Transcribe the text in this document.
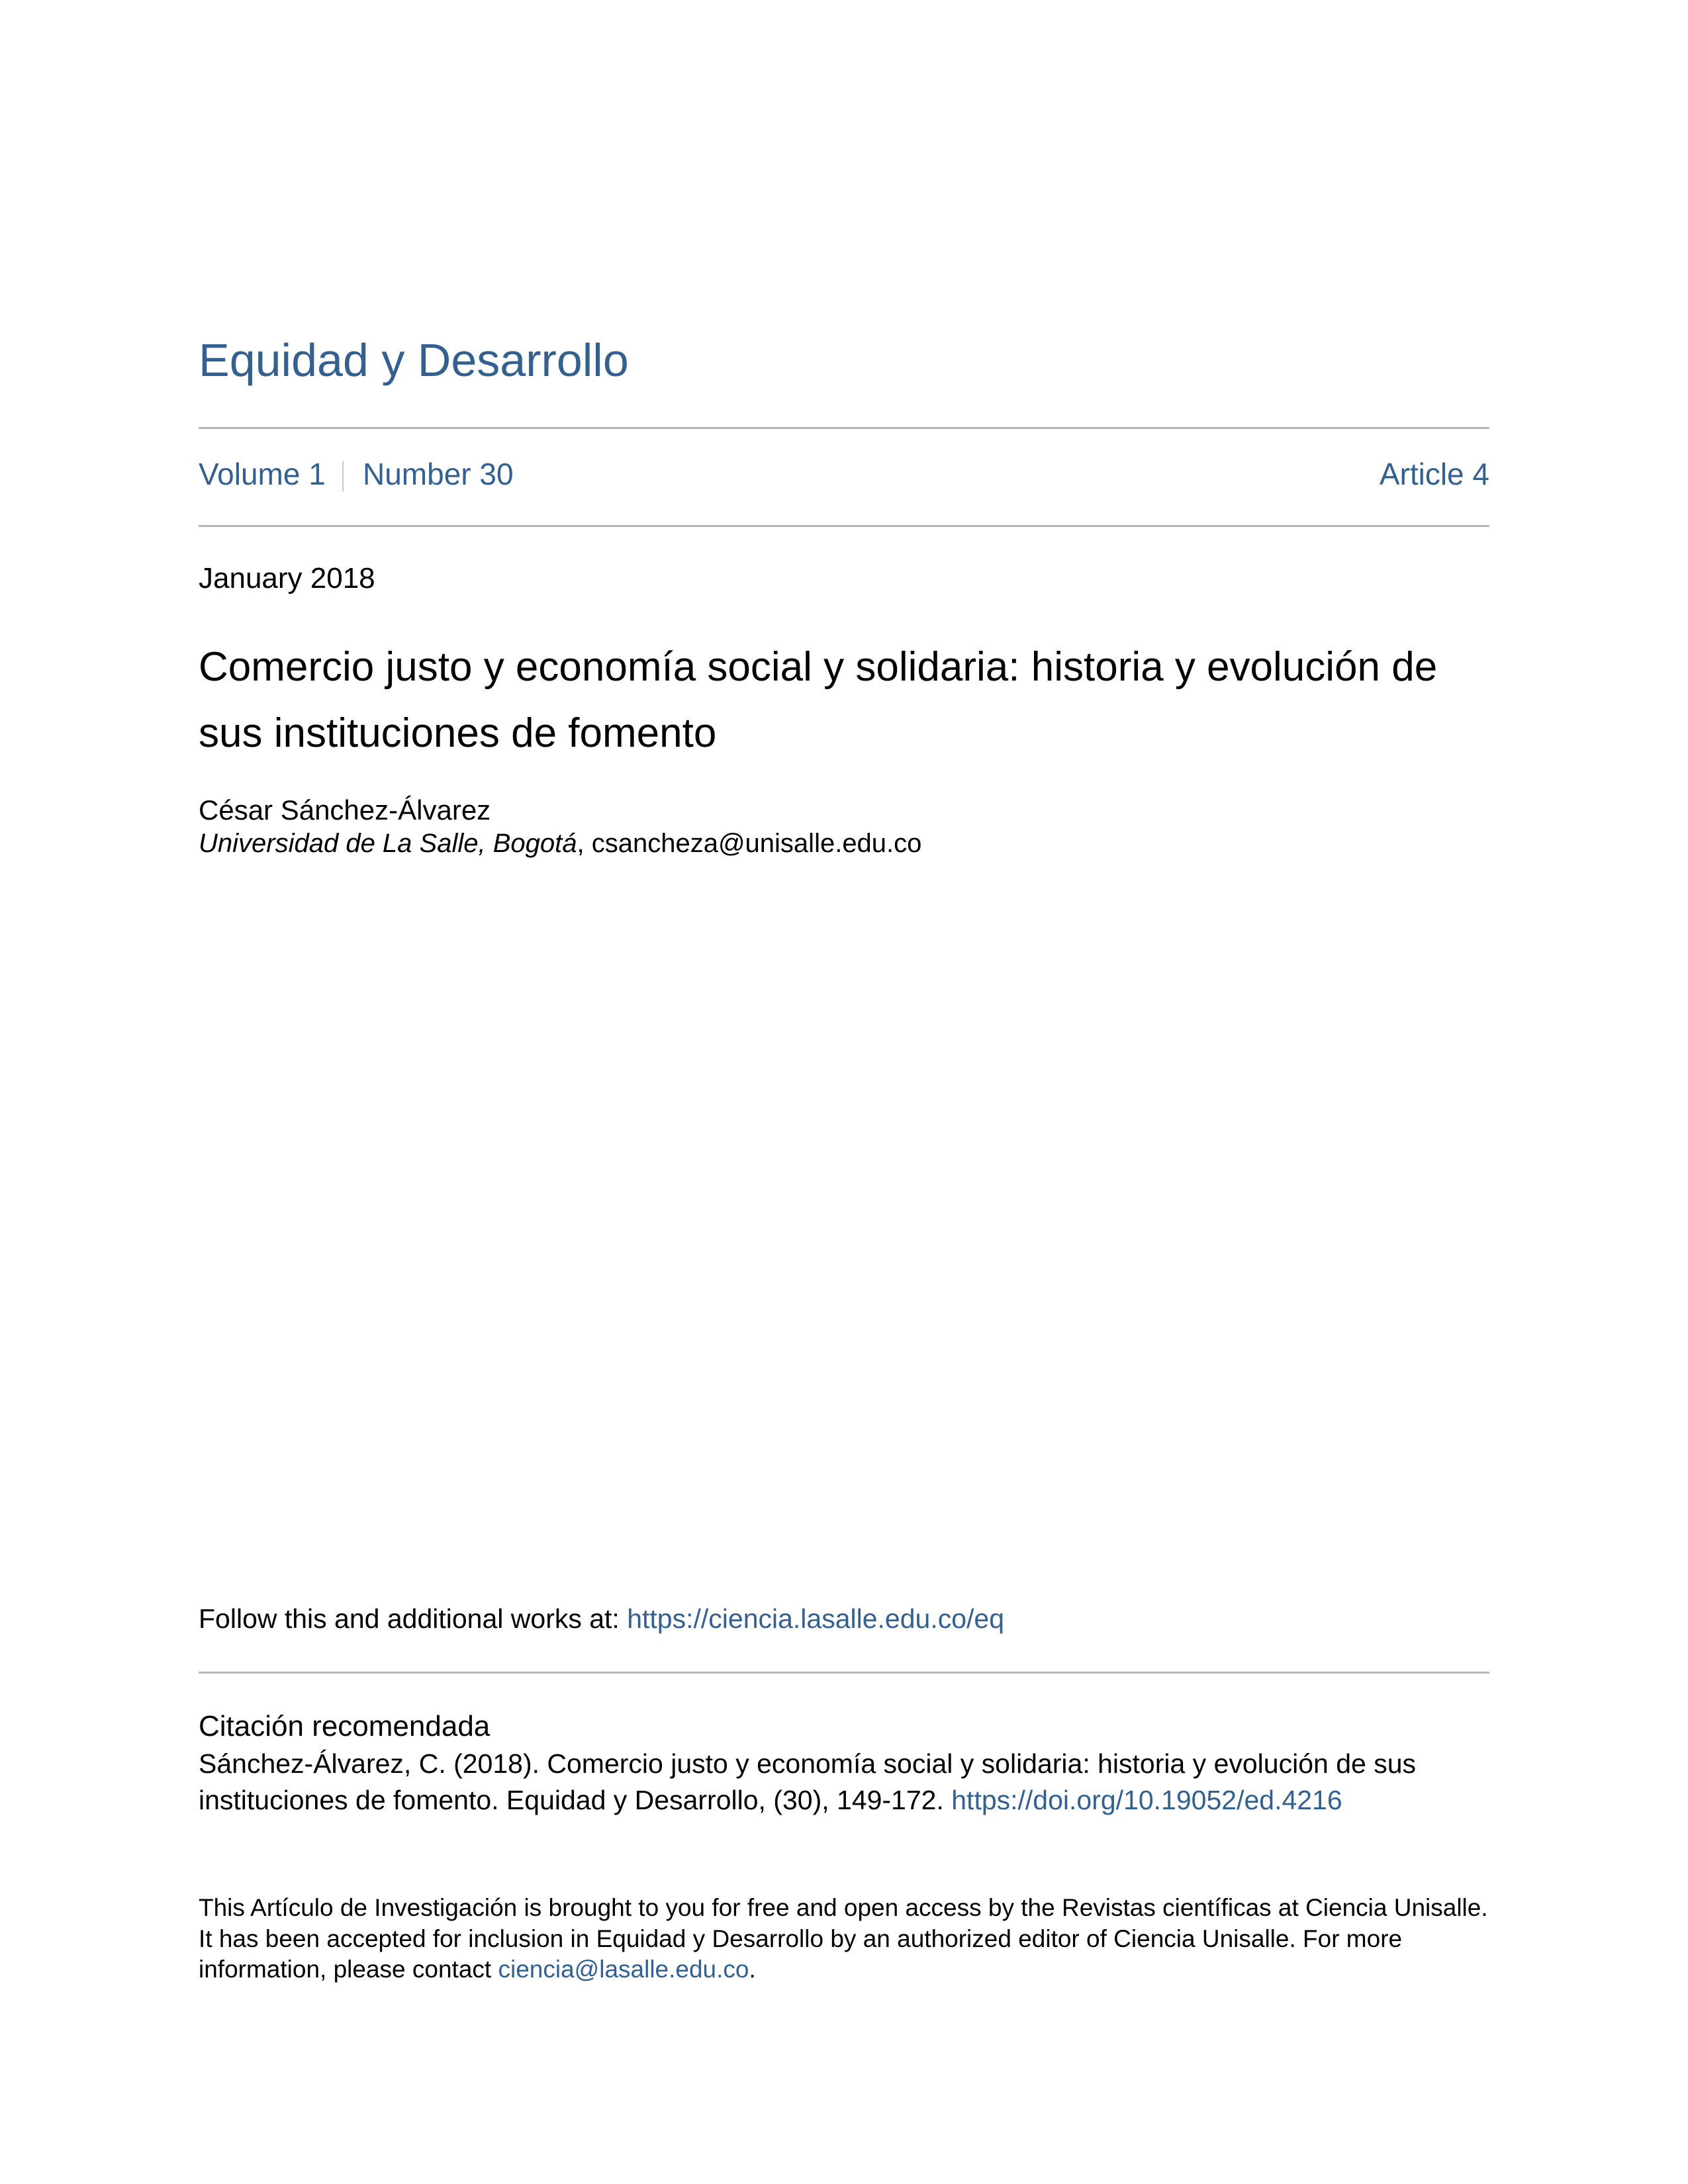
Equidad y Desarrollo
Volume 1 Number 30	Article 4
January 2018
Comercio justo y economía social y solidaria: historia y evolución de sus instituciones de fomento
César Sánchez-Álvarez
Universidad de La Salle, Bogotá, csancheza@unisalle.edu.co
Follow this and additional works at: https://ciencia.lasalle.edu.co/eq
Citación recomendada
Sánchez-Álvarez, C. (2018). Comercio justo y economía social y solidaria: historia y evolución de sus instituciones de fomento. Equidad y Desarrollo, (30), 149-172. https://doi.org/10.19052/ed.4216
This Artículo de Investigación is brought to you for free and open access by the Revistas científicas at Ciencia Unisalle. It has been accepted for inclusion in Equidad y Desarrollo by an authorized editor of Ciencia Unisalle. For more information, please contact ciencia@lasalle.edu.co.
